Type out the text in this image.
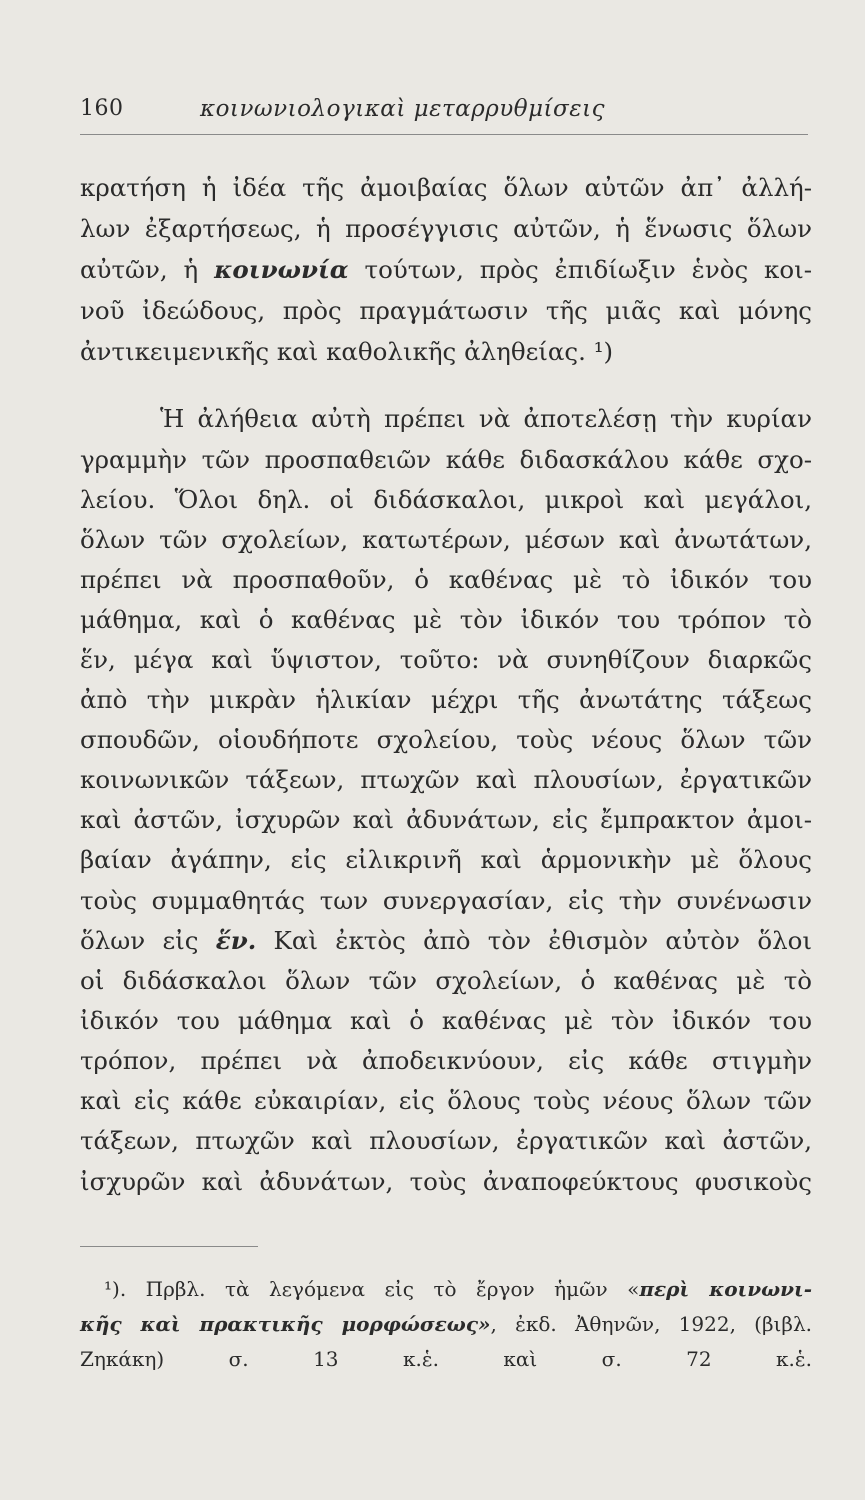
160	κοινωνιολογικαὶ μεταρρυθμίσεις
κρατήση ἡ ἰδέα τῆς ἀμοιβαίας ὅλων αὐτῶν ἀπ᾽ ἀλλή-
λων ἐξαρτήσεως, ἡ προσέγγισις αὐτῶν, ἡ ἕνωσις ὅλων
αὐτῶν, ἡ κοινωνία τούτων, πρὸς ἐπιδίωξιν ἑνὸς κοι-
νοῦ ἰδεώδους, πρὸς πραγμάτωσιν τῆς μιᾶς καὶ μόνης
ἀντικειμενικῆς καὶ καθολικῆς ἀληθείας. ¹)
Ἡ ἀλήθεια αὐτὴ πρέπει νὰ ἀποτελέσῃ τὴν κυρίαν
γραμμὴν τῶν προσπαθειῶν κάθε διδασκάλου κάθε σχο-
λείου. Ὅλοι δηλ. οἱ διδάσκαλοι, μικροὶ καὶ μεγάλοι,
ὅλων τῶν σχολείων, κατωτέρων, μέσων καὶ ἀνωτάτων,
πρέπει νὰ προσπαθοῦν, ὁ καθένας μὲ τὸ ἰδικόν του
μάθημα, καὶ ὁ καθένας μὲ τὸν ἰδικόν του τρόπον τὸ
ἕν, μέγα καὶ ὕψιστον, τοῦτο: νὰ συνηθίζουν διαρκῶς
ἀπὸ τὴν μικρὰν ἡλικίαν μέχρι τῆς ἀνωτάτης τάξεως
σπουδῶν, οἱουδήποτε σχολείου, τοὺς νέους ὅλων τῶν
κοινωνικῶν τάξεων, πτωχῶν καὶ πλουσίων, ἐργατικῶν
καὶ ἀστῶν, ἰσχυρῶν καὶ ἀδυνάτων, εἰς ἔμπρακτον ἀμοι-
βαίαν ἀγάπην, εἰς εἰλικρινῆ καὶ ἁρμονικὴν μὲ ὅλους
τοὺς συμμαθητάς των συνεργασίαν, εἰς τὴν συνένωσιν
ὅλων εἰς ἕν. Καὶ ἐκτὸς ἀπὸ τὸν ἐθισμὸν αὐτὸν ὅλοι
οἱ διδάσκαλοι ὅλων τῶν σχολείων, ὁ καθένας μὲ τὸ
ἰδικόν του μάθημα καὶ ὁ καθένας μὲ τὸν ἰδικόν του
τρόπον, πρέπει νὰ ἀποδεικνύουν, εἰς κάθε στιγμὴν
καὶ εἰς κάθε εὐκαιρίαν, εἰς ὅλους τοὺς νέους ὅλων τῶν
τάξεων, πτωχῶν καὶ πλουσίων, ἐργατικῶν καὶ ἀστῶν,
ἰσχυρῶν καὶ ἀδυνάτων, τοὺς ἀναποφεύκτους φυσικοὺς
¹). Πρβλ. τὰ λεγόμενα εἰς τὸ ἔργον ἡμῶν «περὶ κοινωνι-
κῆς καὶ πρακτικῆς μορφώσεως», ἐκδ. Ἀθηνῶν, 1922, (βιβλ.
Ζηκάκη) σ. 13 κ.ἑ. καὶ σ. 72 κ.ἑ.
